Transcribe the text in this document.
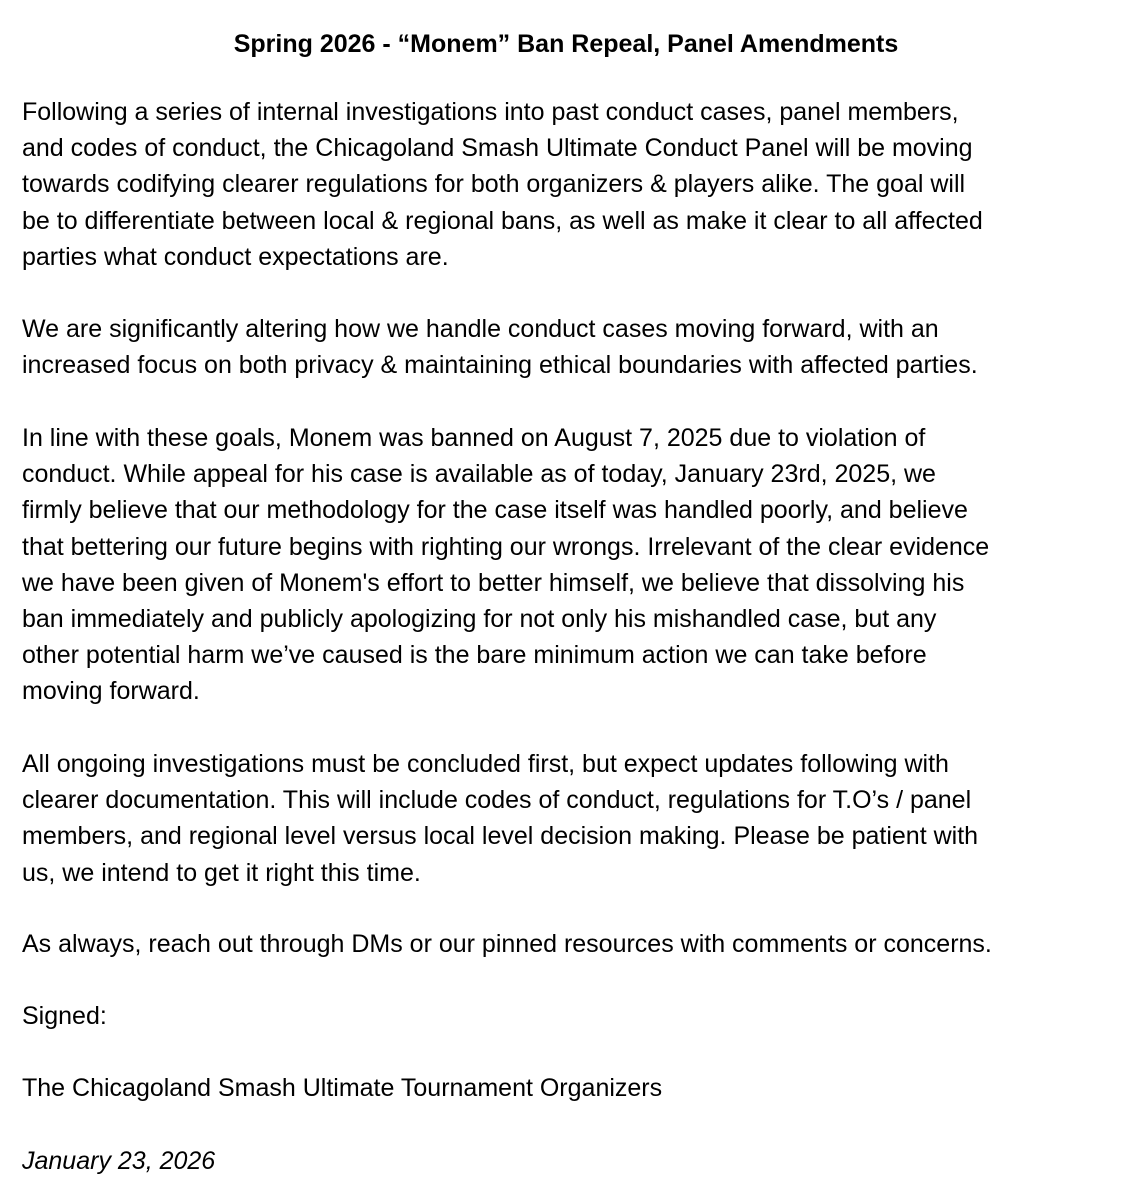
Spring 2026 - “Monem” Ban Repeal, Panel Amendments

Following a series of internal investigations into past conduct cases, panel members,
and codes of conduct, the Chicagoland Smash Ultimate Conduct Panel will be moving
towards codifying clearer regulations for both organizers & players alike. The goal will
be to differentiate between local & regional bans, as well as make it clear to all affected
parties what conduct expectations are.

We are significantly altering how we handle conduct cases moving forward, with an
increased focus on both privacy & maintaining ethical boundaries with affected parties.

In line with these goals, Monem was banned on August 7, 2025 due to violation of
conduct. While appeal for his case is available as of today, January 23rd, 2025, we
firmly believe that our methodology for the case itself was handled poorly, and believe
that bettering our future begins with righting our wrongs. Irrelevant of the clear evidence
we have been given of Monem's effort to better himself, we believe that dissolving his
ban immediately and publicly apologizing for not only his mishandled case, but any
other potential harm we’ve caused is the bare minimum action we can take before
moving forward.

All ongoing investigations must be concluded first, but expect updates following with
clearer documentation. This will include codes of conduct, regulations for T.O’s / panel
members, and regional level versus local level decision making. Please be patient with
us, we intend to get it right this time.

As always, reach out through DMs or our pinned resources with comments or concerns.

Signed:

The Chicagoland Smash Ultimate Tournament Organizers

January 23, 2026
